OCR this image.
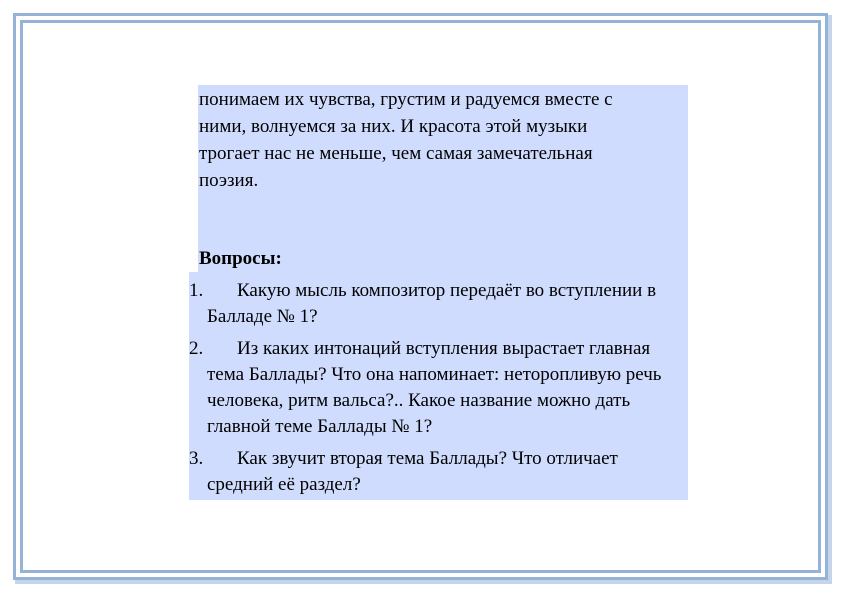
понимаем их чувства, грустим и радуемся вместе с
ними, волнуемся за них. И красота этой музыки
трогает нас не меньше, чем самая замечательная
поэзия.

Вопросы:

1.	Какую мысль композитор передаёт во вступлении в Балладе № 1?
2.	Из каких интонаций вступления вырастает главная тема Баллады? Что она напоминает: неторопливую речь человека, ритм вальса?.. Какое название можно дать главной теме Баллады № 1?
3.	Как звучит вторая тема Баллады? Что отличает средний её раздел?
